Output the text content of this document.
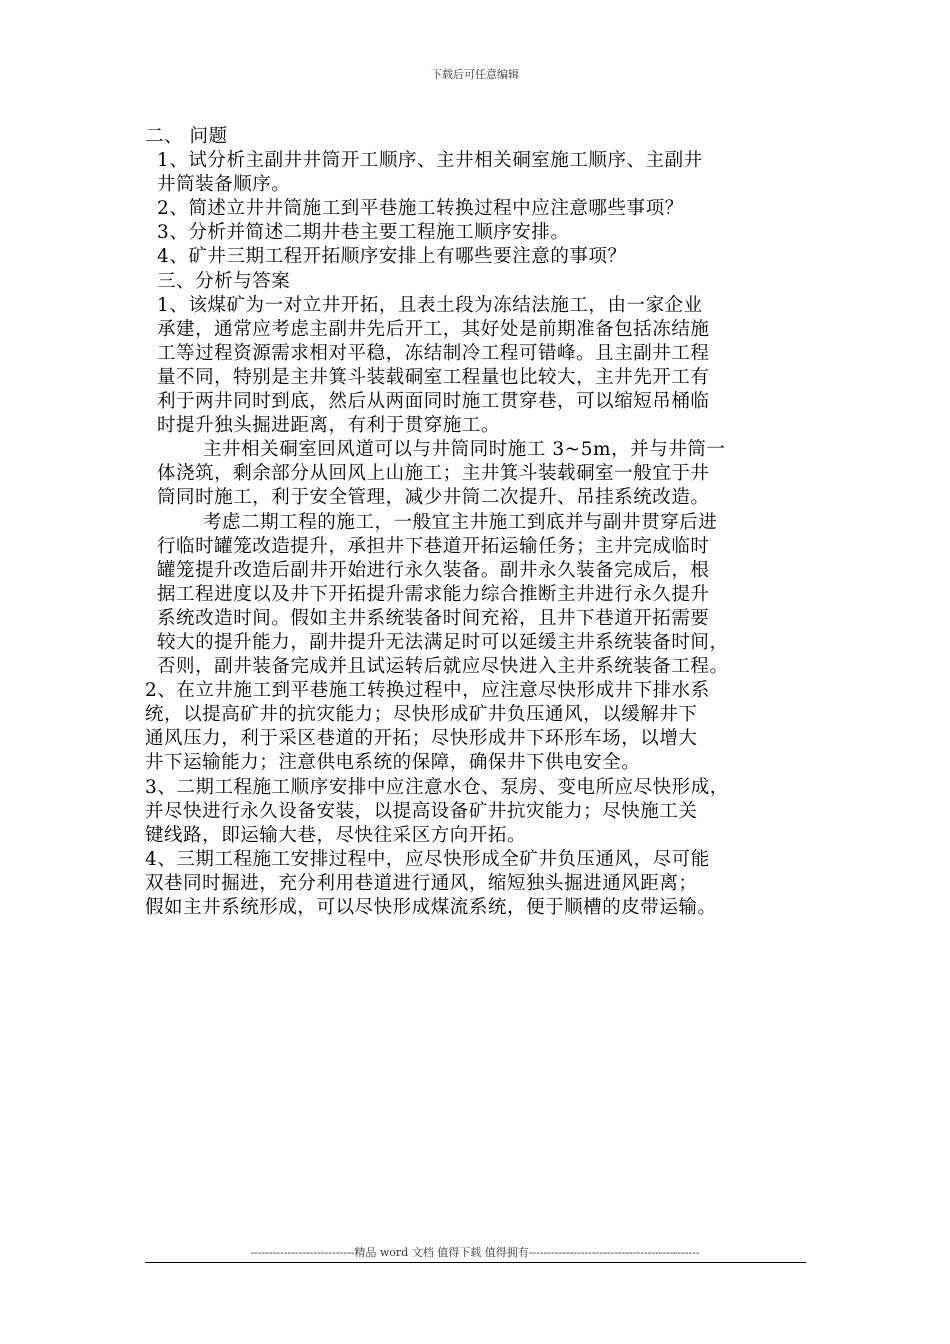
下载后可任意编辑
二、 问题
1、试分析主副井井筒开工顺序、主井相关硐室施工顺序、主副井
井筒装备顺序。
2、简述立井井筒施工到平巷施工转换过程中应注意哪些事项？
3、分析并简述二期井巷主要工程施工顺序安排。
4、矿井三期工程开拓顺序安排上有哪些要注意的事项？
三、分析与答案
1、该煤矿为一对立井开拓，且表土段为冻结法施工，由一家企业
承建，通常应考虑主副井先后开工，其好处是前期准备包括冻结施
工等过程资源需求相对平稳，冻结制冷工程可错峰。且主副井工程
量不同，特别是主井箕斗装载硐室工程量也比较大，主井先开工有
利于两井同时到底，然后从两面同时施工贯穿巷，可以缩短吊桶临
时提升独头掘进距离，有利于贯穿施工。
主井相关硐室回风道可以与井筒同时施工 3~5m，并与井筒一
体浇筑，剩余部分从回风上山施工；主井箕斗装载硐室一般宜于井
筒同时施工，利于安全管理，减少井筒二次提升、吊挂系统改造。
考虑二期工程的施工，一般宜主井施工到底并与副井贯穿后进
行临时罐笼改造提升，承担井下巷道开拓运输任务；主井完成临时
罐笼提升改造后副井开始进行永久装备。副井永久装备完成后，根
据工程进度以及井下开拓提升需求能力综合推断主井进行永久提升
系统改造时间。假如主井系统装备时间充裕，且井下巷道开拓需要
较大的提升能力，副井提升无法满足时可以延缓主井系统装备时间，
否则，副井装备完成并且试运转后就应尽快进入主井系统装备工程。
2、在立井施工到平巷施工转换过程中，应注意尽快形成井下排水系
统，以提高矿井的抗灾能力；尽快形成矿井负压通风，以缓解井下
通风压力，利于采区巷道的开拓；尽快形成井下环形车场，以增大
井下运输能力；注意供电系统的保障，确保井下供电安全。
3、二期工程施工顺序安排中应注意水仓、泵房、变电所应尽快形成，
并尽快进行永久设备安装，以提高设备矿井抗灾能力；尽快施工关
键线路，即运输大巷，尽快往采区方向开拓。
4、三期工程施工安排过程中，应尽快形成全矿井负压通风，尽可能
双巷同时掘进，充分利用巷道进行通风，缩短独头掘进通风距离；
假如主井系统形成，可以尽快形成煤流系统，便于顺槽的皮带运输。
----------------------------精品 word 文档 值得下载 值得拥有----------------------------------------------
